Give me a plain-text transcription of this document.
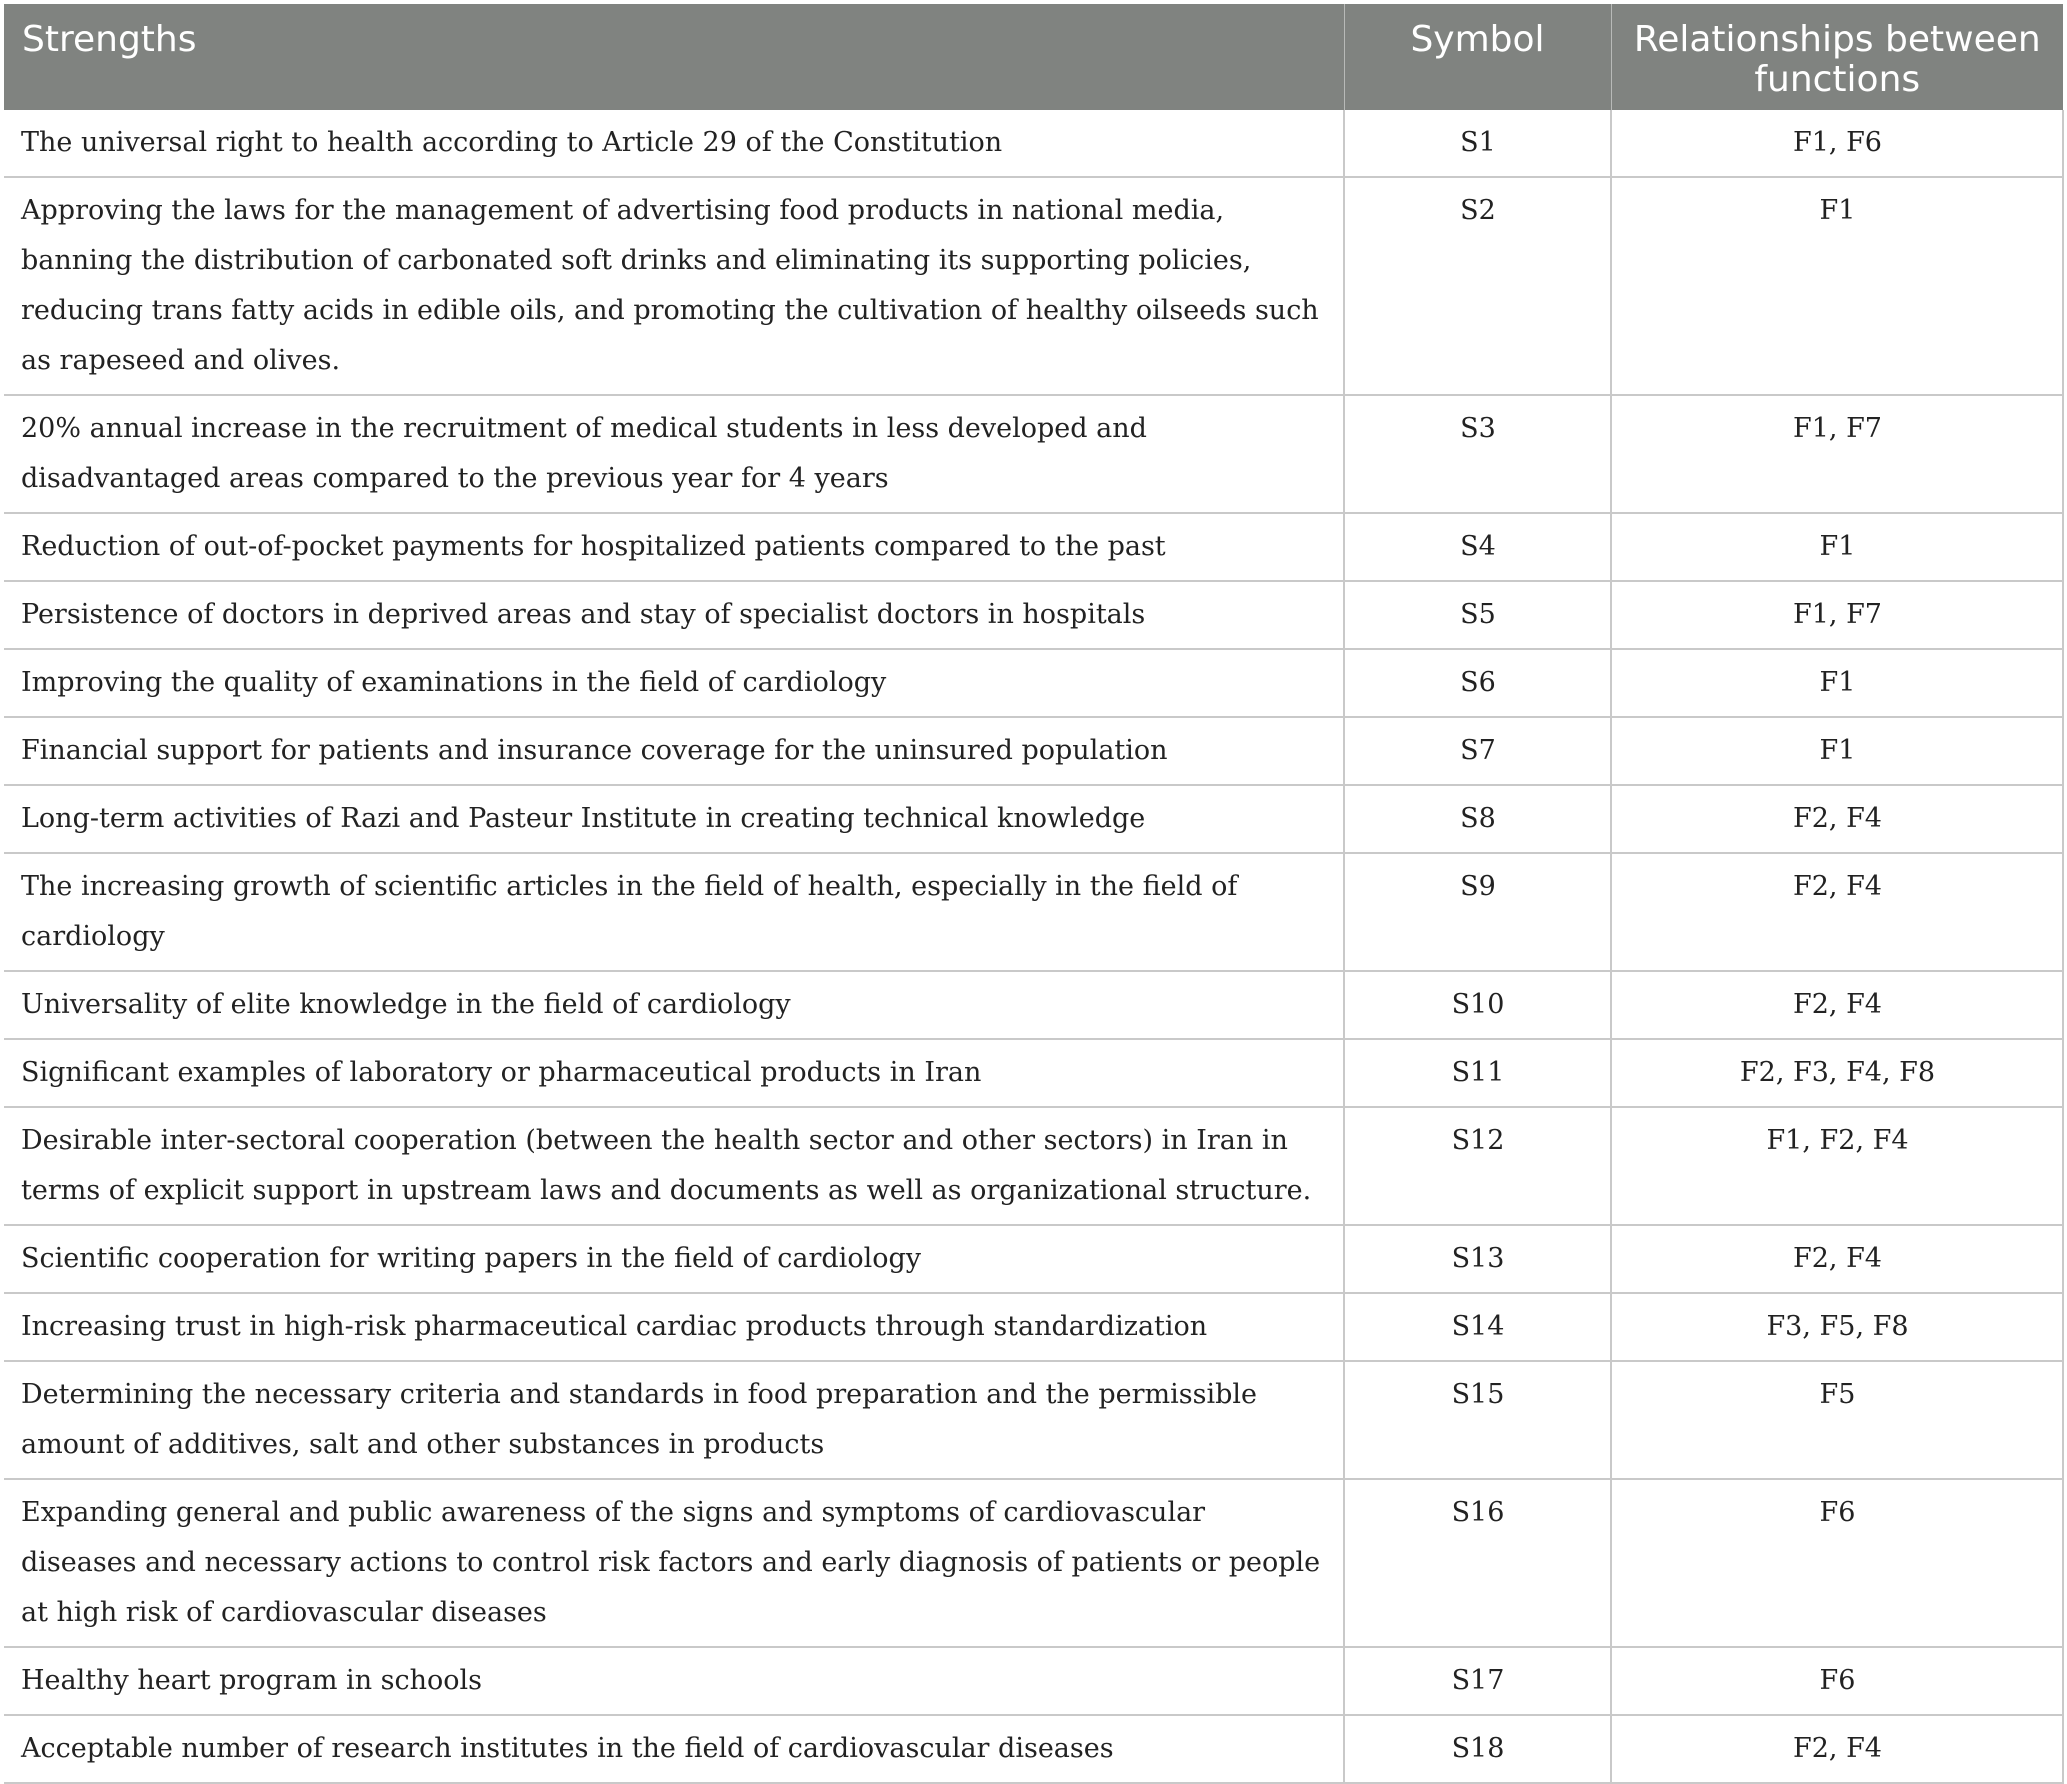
Strengths	Symbol	Relationships between functions
The universal right to health according to Article 29 of the Constitution	S1	F1, F6
Approving the laws for the management of advertising food products in national media, banning the distribution of carbonated soft drinks and eliminating its supporting policies, reducing trans fatty acids in edible oils, and promoting the cultivation of healthy oilseeds such as rapeseed and olives.	S2	F1
20% annual increase in the recruitment of medical students in less developed and disadvantaged areas compared to the previous year for 4 years	S3	F1, F7
Reduction of out-of-pocket payments for hospitalized patients compared to the past	S4	F1
Persistence of doctors in deprived areas and stay of specialist doctors in hospitals	S5	F1, F7
Improving the quality of examinations in the field of cardiology	S6	F1
Financial support for patients and insurance coverage for the uninsured population	S7	F1
Long-term activities of Razi and Pasteur Institute in creating technical knowledge	S8	F2, F4
The increasing growth of scientific articles in the field of health, especially in the field of cardiology	S9	F2, F4
Universality of elite knowledge in the field of cardiology	S10	F2, F4
Significant examples of laboratory or pharmaceutical products in Iran	S11	F2, F3, F4, F8
Desirable inter-sectoral cooperation (between the health sector and other sectors) in Iran in terms of explicit support in upstream laws and documents as well as organizational structure.	S12	F1, F2, F4
Scientific cooperation for writing papers in the field of cardiology	S13	F2, F4
Increasing trust in high-risk pharmaceutical cardiac products through standardization	S14	F3, F5, F8
Determining the necessary criteria and standards in food preparation and the permissible amount of additives, salt and other substances in products	S15	F5
Expanding general and public awareness of the signs and symptoms of cardiovascular diseases and necessary actions to control risk factors and early diagnosis of patients or people at high risk of cardiovascular diseases	S16	F6
Healthy heart program in schools	S17	F6
Acceptable number of research institutes in the field of cardiovascular diseases	S18	F2, F4
